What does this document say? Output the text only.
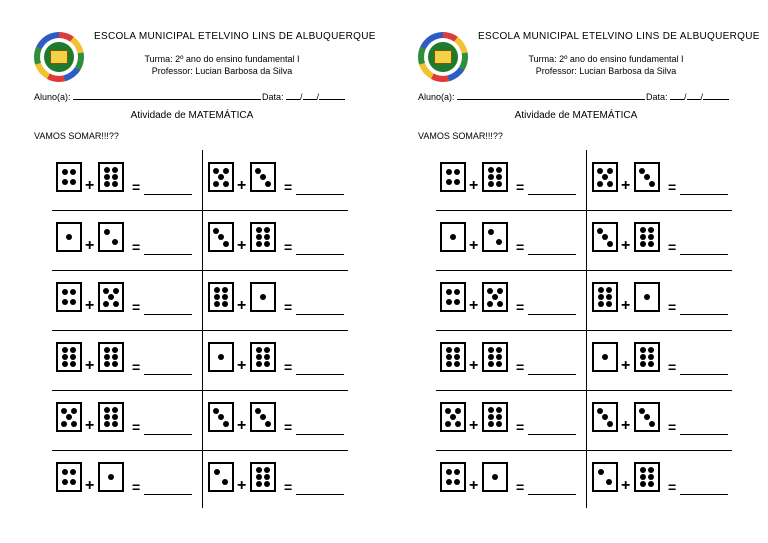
ESCOLA MUNICIPAL ETELVINO LINS DE ALBUQUERQUE
Turma: 2º ano do ensino fundamental I
Professor: Lucian Barbosa da Silva
Aluno(a):	Data: / /
Atividade de MATEMÁTICA
VAMOS SOMAR!!!??
+	=	+	=
+	=	+	=
+	=	+	=
+	=	+	=
+	=	+	=
+	=	+	=
ESCOLA MUNICIPAL ETELVINO LINS DE ALBUQUERQUE
Turma: 2º ano do ensino fundamental I
Professor: Lucian Barbosa da Silva
Aluno(a):	Data: / /
Atividade de MATEMÁTICA
VAMOS SOMAR!!!??
+	=	+	=
+	=	+	=
+	=	+	=
+	=	+	=
+	=	+	=
+	=	+	=
